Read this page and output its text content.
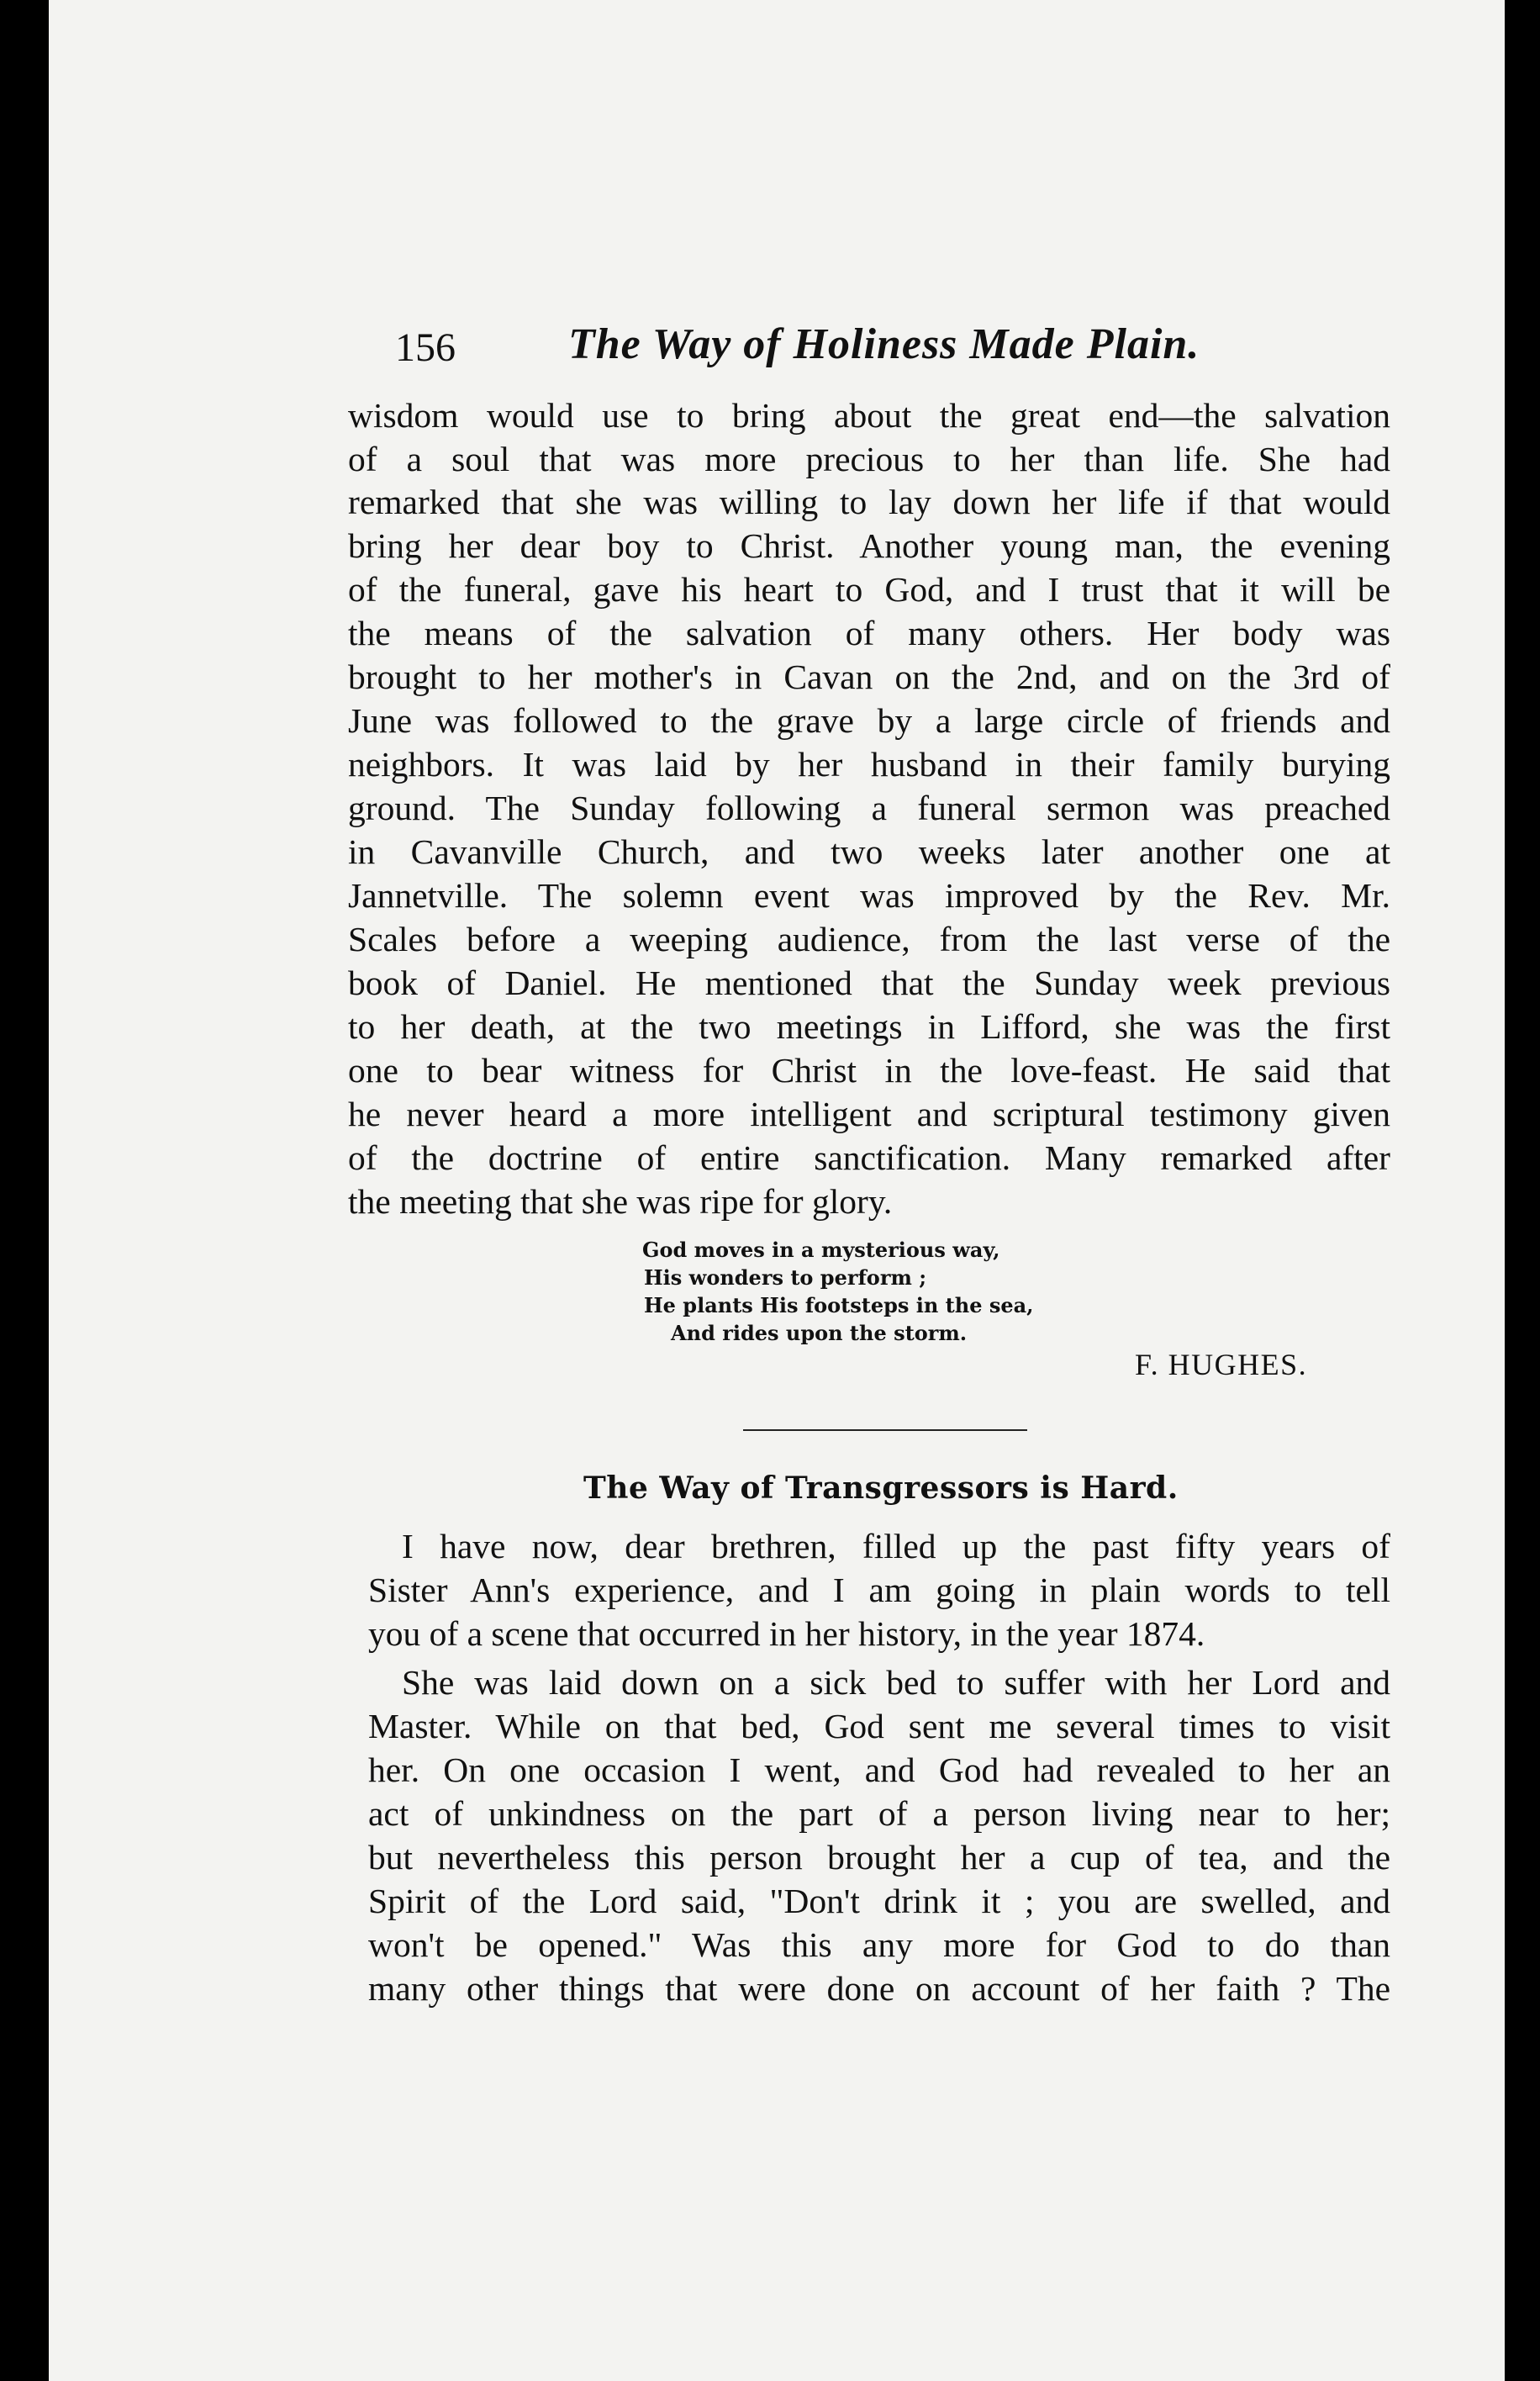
156	The Way of Holiness Made Plain.
wisdom would use to bring about the great end—the salvation
of a soul that was more precious to her than life. She had
remarked that she was willing to lay down her life if that would
bring her dear boy to Christ. Another young man, the evening
of the funeral, gave his heart to God, and I trust that it will be
the means of the salvation of many others. Her body was
brought to her mother's in Cavan on the 2nd, and on the 3rd of
June was followed to the grave by a large circle of friends and
neighbors. It was laid by her husband in their family burying
ground. The Sunday following a funeral sermon was preached
in Cavanville Church, and two weeks later another one at
Jannetville. The solemn event was improved by the Rev. Mr.
Scales before a weeping audience, from the last verse of the
book of Daniel. He mentioned that the Sunday week previous
to her death, at the two meetings in Lifford, she was the first
one to bear witness for Christ in the love-feast. He said that
he never heard a more intelligent and scriptural testimony given
of the doctrine of entire sanctification. Many remarked after
the meeting that she was ripe for glory.
God moves in a mysterious way,
His wonders to perform ;
He plants His footsteps in the sea,
And rides upon the storm.
F. HUGHES.
The Way of Transgressors is Hard.
I have now, dear brethren, filled up the past fifty years of
Sister Ann's experience, and I am going in plain words to tell
you of a scene that occurred in her history, in the year 1874.
She was laid down on a sick bed to suffer with her Lord and
Master. While on that bed, God sent me several times to visit
her. On one occasion I went, and God had revealed to her an
act of unkindness on the part of a person living near to her;
but nevertheless this person brought her a cup of tea, and the
Spirit of the Lord said, "Don't drink it ; you are swelled, and
won't be opened." Was this any more for God to do than
many other things that were done on account of her faith ? The
